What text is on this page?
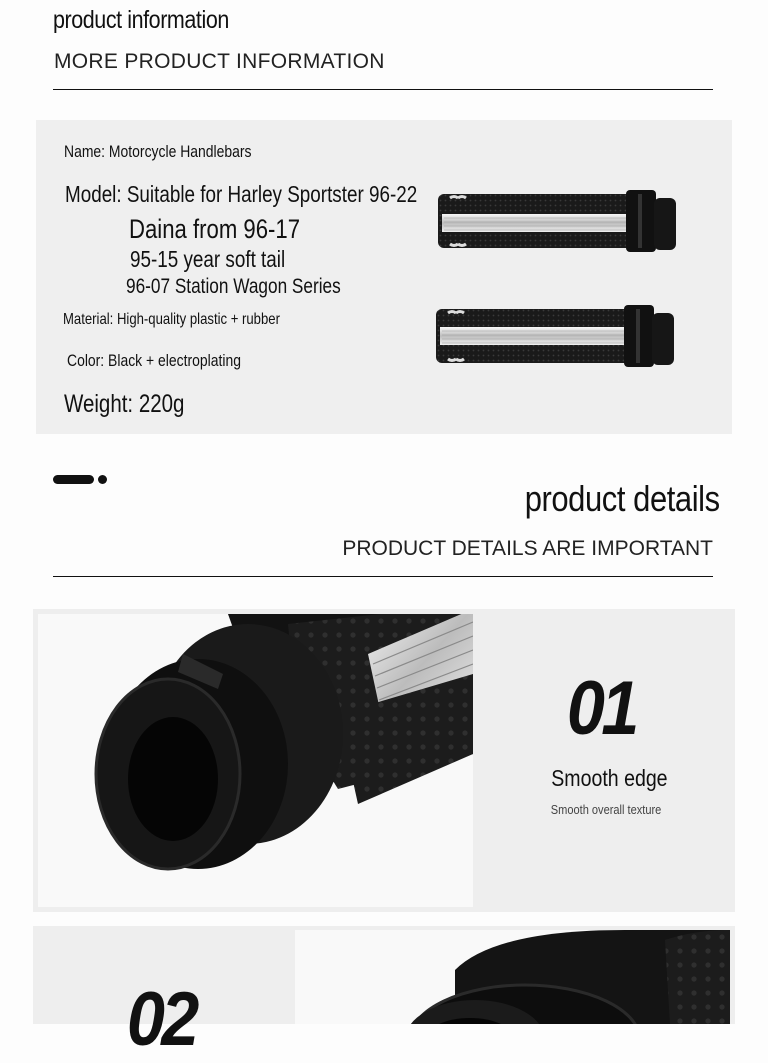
product information
MORE PRODUCT INFORMATION
Name: Motorcycle Handlebars
Model: Suitable for Harley Sportster 96-22
Daina from 96-17
95-15 year soft tail
96-07 Station Wagon Series
Material: High-quality plastic + rubber
Color: Black + electroplating
Weight: 220g
product details
PRODUCT DETAILS ARE IMPORTANT
01
Smooth edge
Smooth overall texture
02
